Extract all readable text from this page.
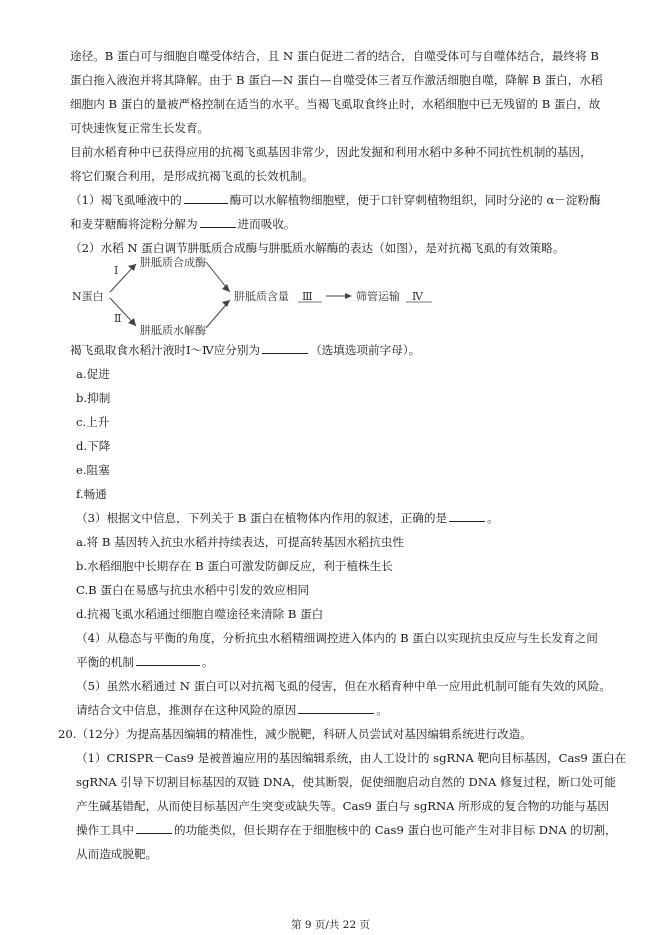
途径。B 蛋白可与细胞自噬受体结合，且 N 蛋白促进二者的结合，自噬受体可与自噬体结合，最终将 B
蛋白拖入液泡并将其降解。由于 B 蛋白—N 蛋白—自噬受体三者互作激活细胞自噬，降解 B 蛋白，水稻
细胞内 B 蛋白的量被严格控制在适当的水平。当褐飞虱取食终止时，水稻细胞中已无残留的 B 蛋白，故
可快速恢复正常生长发育。
目前水稻育种中已获得应用的抗褐飞虱基因非常少，因此发掘和利用水稻中多种不同抗性机制的基因，
将它们聚合利用，是形成抗褐飞虱的长效机制。
（1）褐飞虱唾液中的	酶可以水解植物细胞壁，便于口针穿刺植物组织，同时分泌的 α－淀粉酶
和麦芽糖酶将淀粉分解为	进而吸收。
（2）水稻 N 蛋白调节肼胝质合成酶与肼胝质水解酶的表达（如图），是对抗褐飞虱的有效策略。
N蛋白
Ⅰ
Ⅱ
肼胝质合成酶
肼胝质水解酶
肼胝质含量 Ⅲ	筛管运输 Ⅳ
褐飞虱取食水稻汁液时Ⅰ～Ⅳ应分别为	（选填选项前字母）。
a.促进
b.抑制
c.上升
d.下降
e.阻塞
f.畅通
（3）根据文中信息，下列关于 B 蛋白在植物体内作用的叙述，正确的是	。
a.将 B 基因转入抗虫水稻并持续表达，可提高转基因水稻抗虫性
b.水稻细胞中长期存在 B 蛋白可激发防御反应，利于植株生长
C.B 蛋白在易感与抗虫水稻中引发的效应相同
d.抗褐飞虱水稻通过细胞自噬途径来清除 B 蛋白
（4）从稳态与平衡的角度，分析抗虫水稻精细调控进入体内的 B 蛋白以实现抗虫反应与生长发育之间
平衡的机制	。
（5）虽然水稻通过 N 蛋白可以对抗褐飞虱的侵害，但在水稻育种中单一应用此机制可能有失效的风险。
请结合文中信息，推测存在这种风险的原因	。
20.（12分）为提高基因编辑的精准性，减少脱靶，科研人员尝试对基因编辑系统进行改造。
（1）CRISPR－Cas9 是被普遍应用的基因编辑系统，由人工设计的 sgRNA 靶向目标基因，Cas9 蛋白在
sgRNA 引导下切割目标基因的双链 DNA，使其断裂，促使细胞启动自然的 DNA 修复过程，断口处可能
产生碱基错配，从而使目标基因产生突变或缺失等。Cas9 蛋白与 sgRNA 所形成的复合物的功能与基因
操作工具中	的功能类似，但长期存在于细胞核中的 Cas9 蛋白也可能产生对非目标 DNA 的切割，
从而造成脱靶。
第 9 页/共 22 页
